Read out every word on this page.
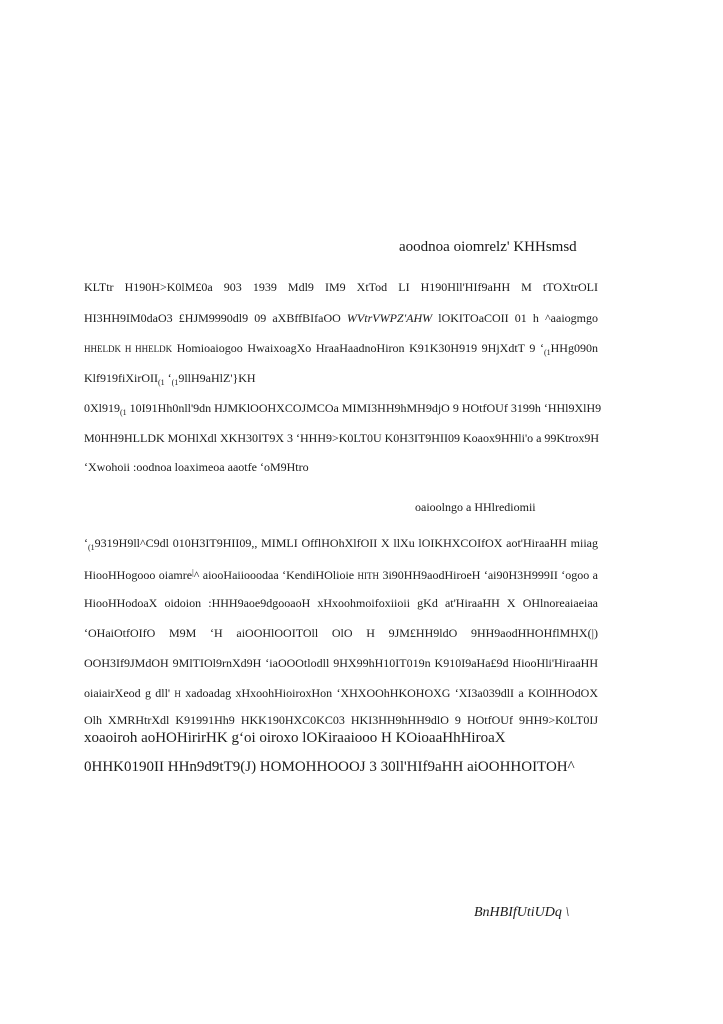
aoodnoa oiomrelz' KHHsmsd
KLTtr H190H>K0lM£0a 903 1939 Mdl9 IM9 XtTod LI H190Hll'HIf9aHH M tTOXtrOLI
HI3HH9IM0daO3 £HJM9990dl9 09 aXBffBIfaOO WVtrVWPZ'AHW lOKITOaCOII 01 h ^aaiogmgo
HHELDK H HHELDK Homioaiogoo HwaixoagXo HraaHaadnoHiron K91K30H919 9HjXdtT 9 ‘$_{(1}HHg090n$
Klf919fiXirOII$_{(1}$ ‘$_{(1}9llH9aHlZ'\}KH$
$0Xl919_{(1}$ 10I91Hh0nll'9dn HJMKlOOHXCOJMCOa MIMI3HH9hMH9djO 9 HOtfOUf 3199h ‘HHl9XlH9
M0HH9HLLDK MOHlXdl XKH30IT9X 3 ‘HHH9>K0LT0U K0H3IT9HII09 Koaox9HHli'o a 99Ktrox9H
‘Xwohoii :oodnoa loaximeoa aaotfe ‘oM9Htro
oaioolngo a HHlrediomii
‘$_{(1}9319H9ll\^{}C9dl$ 010H3IT9HII09,, MIMLI OfflHOhXlfOII X llXu lOIKHXCOIfOX aot'HiraaHH miiag
HiooHHogooo oiamre|^ aiooHaiiooodaa ‘KendiHOlioie HITH 3i90HH9aodHiroeH ‘ai90H3H999II ‘ogoo a
HiooHHodoaX oidoion :HHH9aoe9dgooaoH xHxoohmoifoxiioii gKd at'HiraaHH X OHlnoreaiaeiaa
‘OHaiOtfOIfO M9M ‘H aiOOHlOOITOll OlO H 9JM£HH9ldO 9HH9aodHHOHflMHX(|)
OOH3If9JMdOH 9MlTIOl9rnXd9H ‘iaOOOtlodll 9HX99hH10IT019n K910I9aHa£9d HiooHli'HiraaHH
oiaiairXeod g dll' H xadoadag xHxoohHioiroxHon ‘XHXOOhHKOHOXG ‘XI3a039dlI a KOlHHOdOX
Olh XMRHtrXdl K91991Hh9 HKK190HXC0KC03 HKI3HH9hHH9dlO 9 HOtfOUf 9HH9>K0LT0IJ
xoaoiroh aoHOHirirHK g‘oi oiroxo lOKiraaiooo H KOioaaHhHiroaX
0HHK0190II HHn9d9tT9(J) HOMOHHOOOJ 3 30ll'HIf9aHH aiOOHHOITOH^
BnHBIfUtiUDq \
